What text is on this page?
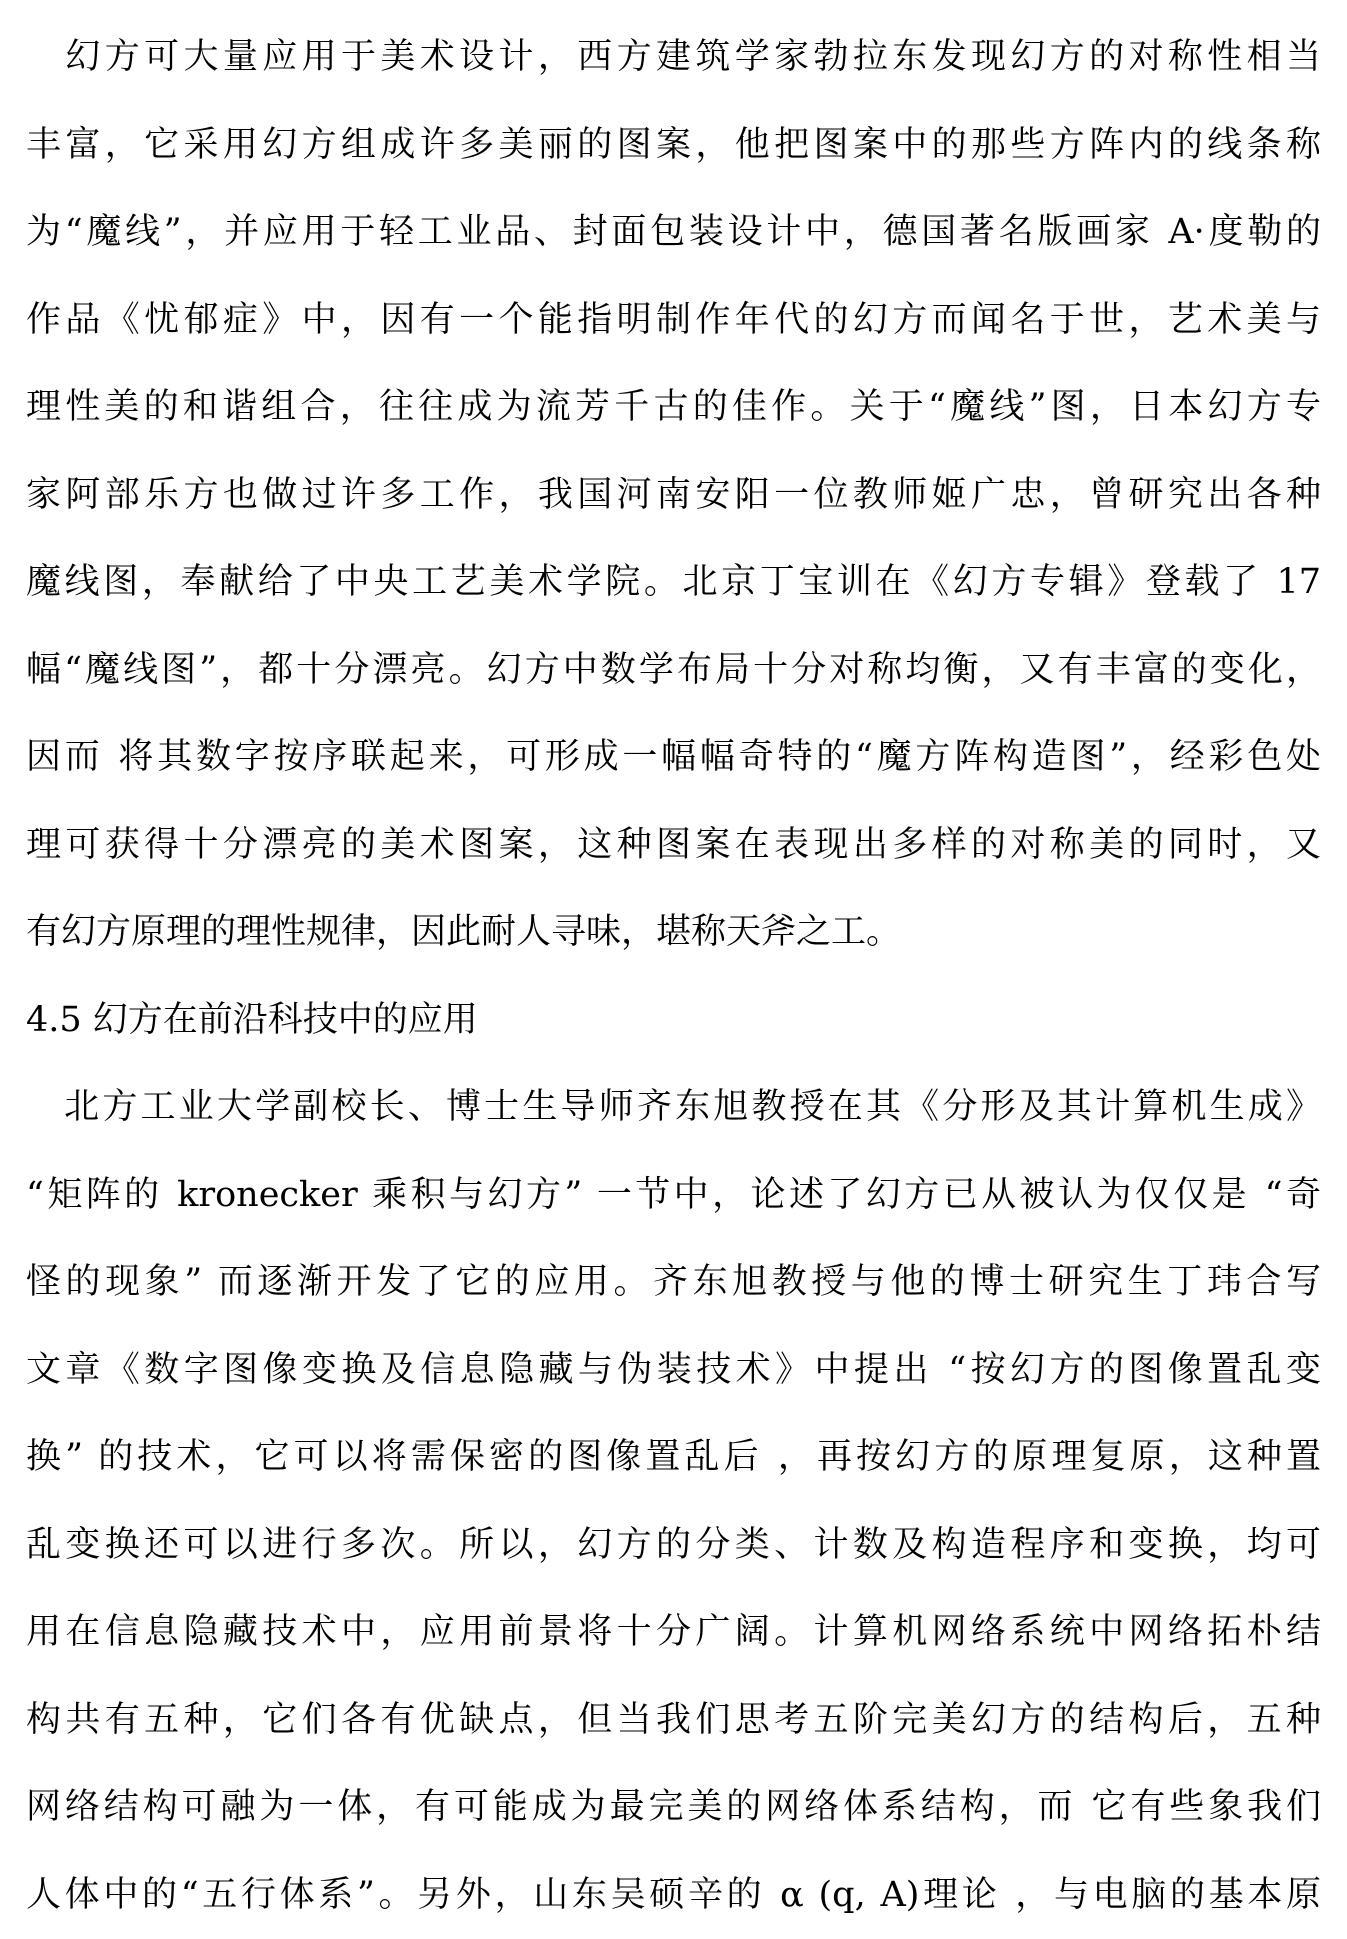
　幻方可大量应用于美术设计，西方建筑学家勃拉东发现幻方的对称性相当
丰富，它采用幻方组成许多美丽的图案，他把图案中的那些方阵内的线条称
为“魔线”，并应用于轻工业品、封面包装设计中，德国著名版画家 A·度勒的
作品《忧郁症》中，因有一个能指明制作年代的幻方而闻名于世，艺术美与
理性美的和谐组合，往往成为流芳千古的佳作。关于“魔线”图，日本幻方专
家阿部乐方也做过许多工作，我国河南安阳一位教师姬广忠，曾研究出各种
魔线图，奉献给了中央工艺美术学院。北京丁宝训在《幻方专辑》登载了 17
幅“魔线图”，都十分漂亮。幻方中数学布局十分对称均衡，又有丰富的变化，
因而 将其数字按序联起来，可形成一幅幅奇特的“魔方阵构造图”，经彩色处
理可获得十分漂亮的美术图案，这种图案在表现出多样的对称美的同时，又
有幻方原理的理性规律，因此耐人寻味，堪称天斧之工。
4.5 幻方在前沿科技中的应用
　北方工业大学副校长、博士生导师齐东旭教授在其《分形及其计算机生成》
“矩阵的 kronecker 乘积与幻方” 一节中，论述了幻方已从被认为仅仅是 “奇
怪的现象” 而逐渐开发了它的应用。齐东旭教授与他的博士研究生丁玮合写
文章《数字图像变换及信息隐藏与伪装技术》中提出 “按幻方的图像置乱变
换” 的技术，它可以将需保密的图像置乱后 ，再按幻方的原理复原，这种置
乱变换还可以进行多次。所以，幻方的分类、计数及构造程序和变换，均可
用在信息隐藏技术中，应用前景将十分广阔。计算机网络系统中网络拓朴结
构共有五种，它们各有优缺点，但当我们思考五阶完美幻方的结构后，五种
网络结构可融为一体，有可能成为最完美的网络体系结构，而 它有些象我们
人体中的“五行体系”。另外，山东吴硕辛的 α (q, A)理论 ，与电脑的基本原
